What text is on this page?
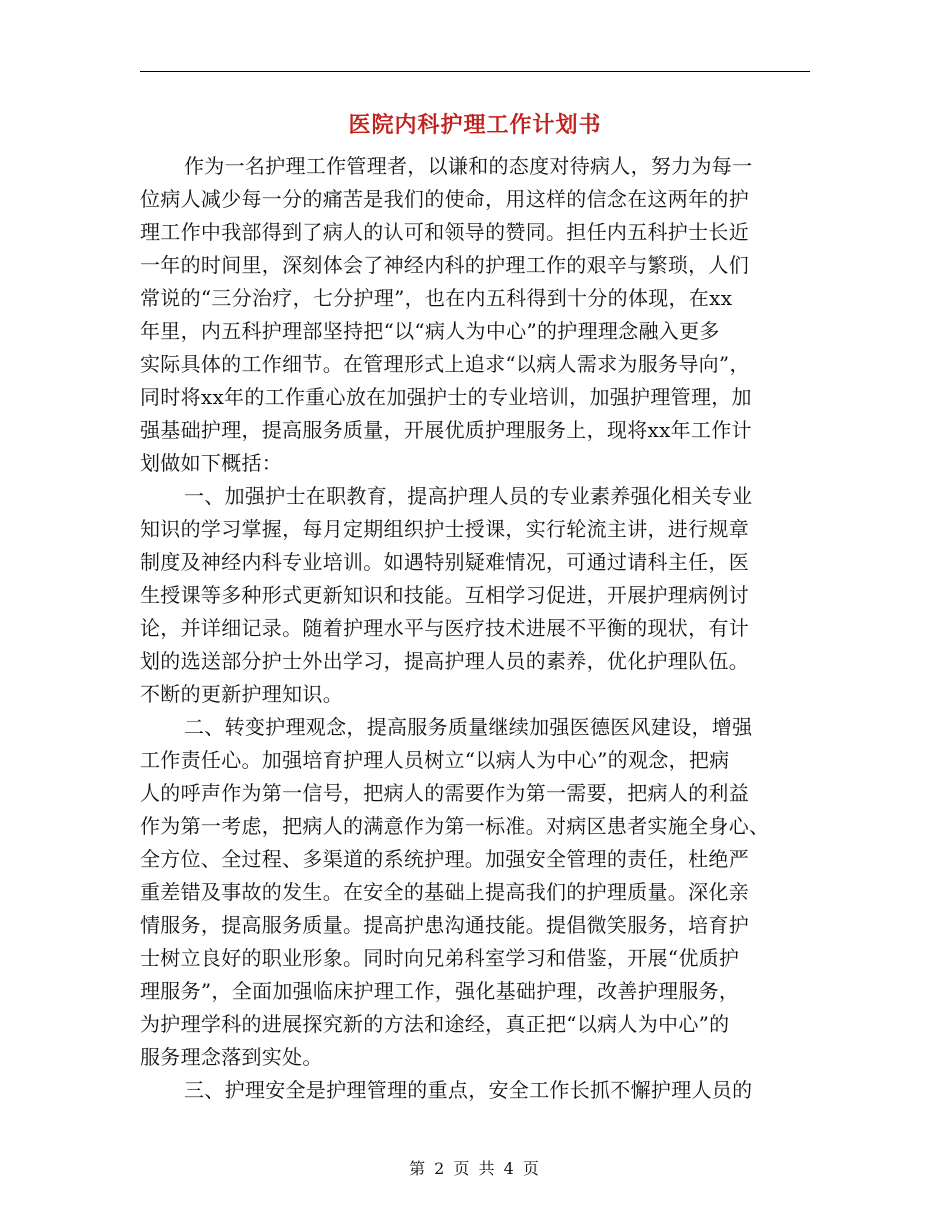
医院内科护理工作计划书
作为一名护理工作管理者，以谦和的态度对待病人，努力为每一
位病人减少每一分的痛苦是我们的使命，用这样的信念在这两年的护
理工作中我部得到了病人的认可和领导的赞同。担任内五科护士长近
一年的时间里，深刻体会了神经内科的护理工作的艰辛与繁琐，人们
常说的“三分治疗，七分护理”，也在内五科得到十分的体现，在xx
年里，内五科护理部坚持把“以“病人为中心”的护理理念融入更多
实际具体的工作细节。在管理形式上追求“以病人需求为服务导向”，
同时将xx年的工作重心放在加强护士的专业培训，加强护理管理，加
强基础护理，提高服务质量，开展优质护理服务上，现将xx年工作计
划做如下概括：
一、加强护士在职教育，提高护理人员的专业素养强化相关专业
知识的学习掌握，每月定期组织护士授课，实行轮流主讲，进行规章
制度及神经内科专业培训。如遇特别疑难情况，可通过请科主任，医
生授课等多种形式更新知识和技能。互相学习促进，开展护理病例讨
论，并详细记录。随着护理水平与医疗技术进展不平衡的现状，有计
划的选送部分护士外出学习，提高护理人员的素养，优化护理队伍。
不断的更新护理知识。
二、转变护理观念，提高服务质量继续加强医德医风建设，增强
工作责任心。加强培育护理人员树立“以病人为中心”的观念，把病
人的呼声作为第一信号，把病人的需要作为第一需要，把病人的利益
作为第一考虑，把病人的满意作为第一标准。对病区患者实施全身心、
全方位、全过程、多渠道的系统护理。加强安全管理的责任，杜绝严
重差错及事故的发生。在安全的基础上提高我们的护理质量。深化亲
情服务，提高服务质量。提高护患沟通技能。提倡微笑服务，培育护
士树立良好的职业形象。同时向兄弟科室学习和借鉴，开展“优质护
理服务”，全面加强临床护理工作，强化基础护理，改善护理服务，
为护理学科的进展探究新的方法和途经，真正把“以病人为中心”的
服务理念落到实处。
三、护理安全是护理管理的重点，安全工作长抓不懈护理人员的
第 2 页 共 4 页
